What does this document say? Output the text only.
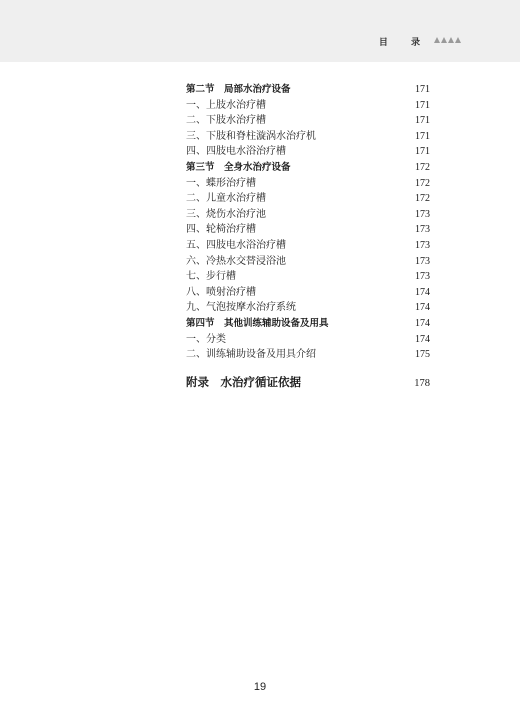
目 录
第二节　局部水治疗设备	171
一、上肢水治疗槽	171
二、下肢水治疗槽	171
三、下肢和脊柱漩涡水治疗机	171
四、四肢电水浴治疗槽	171
第三节　全身水治疗设备	172
一、蝶形治疗槽	172
二、儿童水治疗槽	172
三、烧伤水治疗池	173
四、轮椅治疗槽	173
五、四肢电水浴治疗槽	173
六、冷热水交替浸浴池	173
七、步行槽	173
八、喷射治疗槽	174
九、气泡按摩水治疗系统	174
第四节　其他训练辅助设备及用具	174
一、分类	174
二、训练辅助设备及用具介绍	175
附录　水治疗循证依据	178
19
